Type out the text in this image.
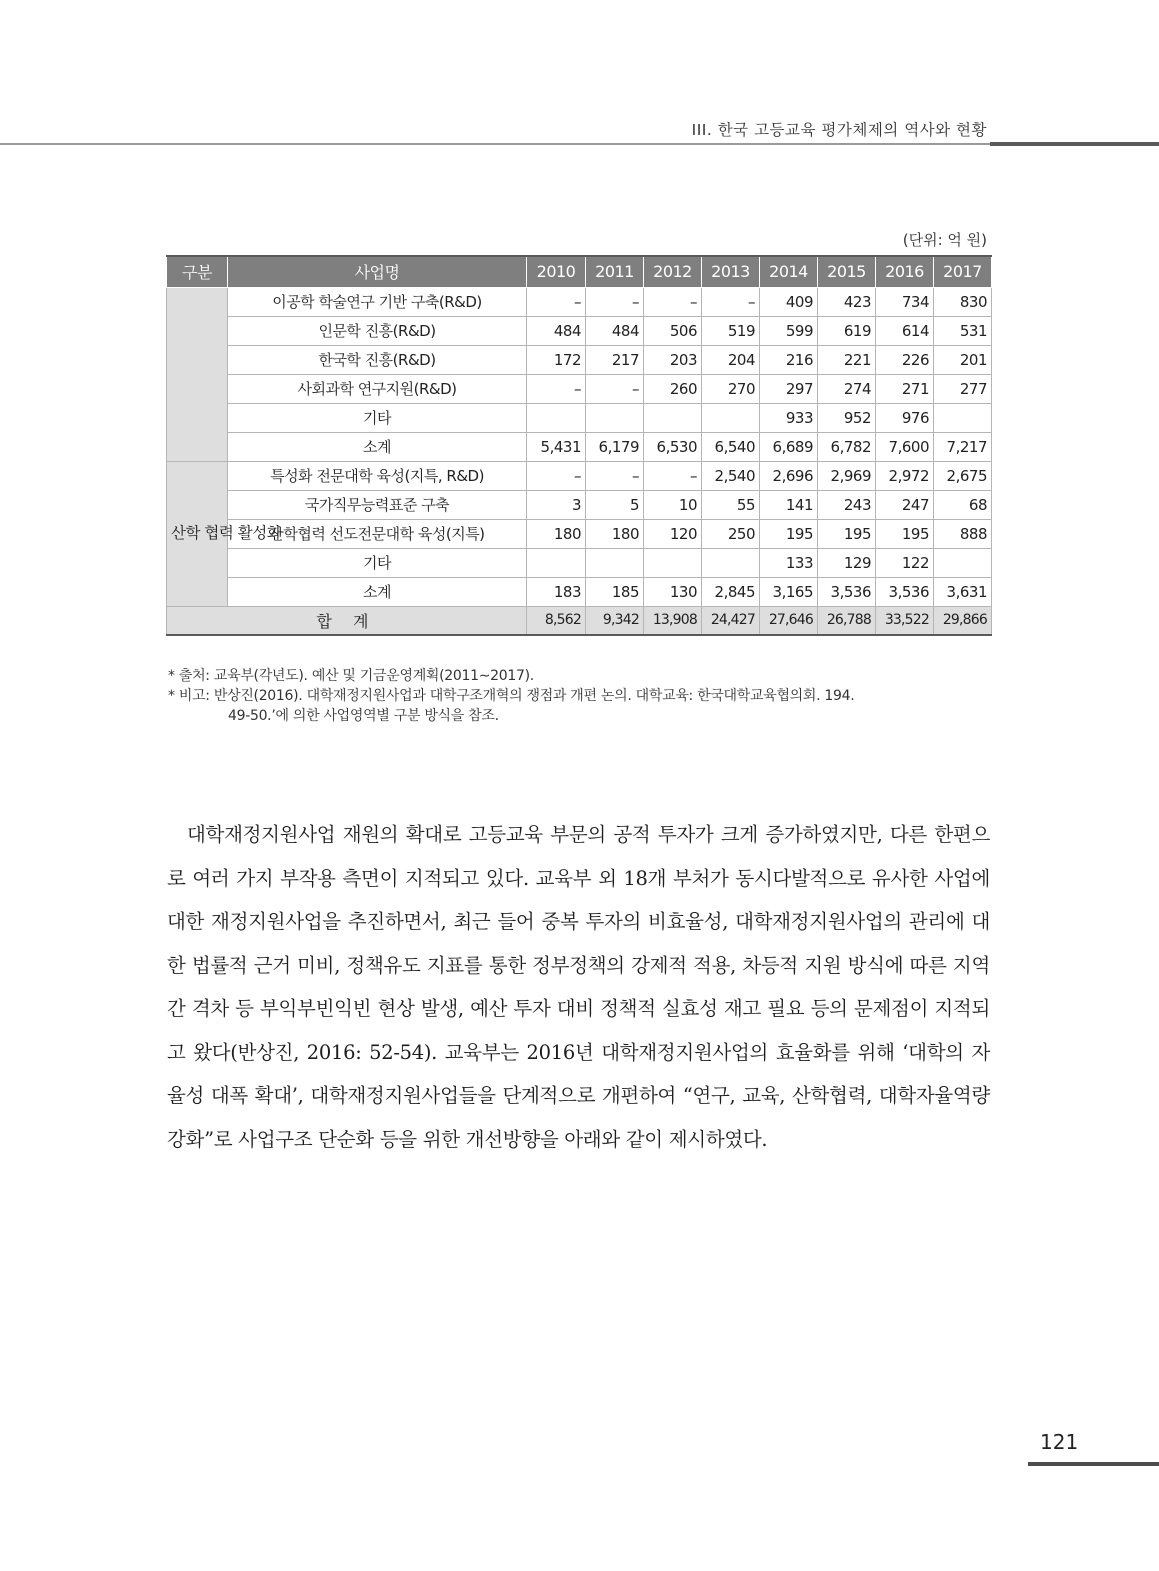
III. 한국 고등교육 평가체제의 역사와 현황
(단위: 억 원)
구분	사업명	2010	2011	2012	2013	2014	2015	2016	2017
	이공학 학술연구 기반 구축(R&D)	–	–	–	–	409	423	734	830
	인문학 진흥(R&D)	484	484	506	519	599	619	614	531
	한국학 진흥(R&D)	172	217	203	204	216	221	226	201
	사회과학 연구지원(R&D)	–	–	260	270	297	274	271	277
	기타					933	952	976	
	소계	5,431	6,179	6,530	6,540	6,689	6,782	7,600	7,217
산학 협력 활성화	특성화 전문대학 육성(지특, R&D)	–	–	–	2,540	2,696	2,969	2,972	2,675
	국가직무능력표준 구축	3	5	10	55	141	243	247	68
	산학협력 선도전문대학 육성(지특)	180	180	120	250	195	195	195	888
	기타					133	129	122	
	소계	183	185	130	2,845	3,165	3,536	3,536	3,631
합 계		8,562	9,342	13,908	24,427	27,646	26,788	33,522	29,866

* 출처: 교육부(각년도). 예산 및 기금운영계획(2011∼2017).

* 비고: 반상진(2016). 대학재정지원사업과 대학구조개혁의 쟁점과 개편 논의. 대학교육: 한국대학교육협의회. 194.

49-50.’에 의한 사업영역별 구분 방식을 참조.

대학재정지원사업 재원의 확대로 고등교육 부문의 공적 투자가 크게 증가하였지만, 다른 한편으로 여러 가지 부작용 측면이 지적되고 있다. 교육부 외 18개 부처가 동시다발적으로 유사한 사업에 대한 재정지원사업을 추진하면서, 최근 들어 중복 투자의 비효율성, 대학재정지원사업의 관리에 대한 법률적 근거 미비, 정책유도 지표를 통한 정부정책의 강제적 적용, 차등적 지원 방식에 따른 지역 간 격차 등 부익부빈익빈 현상 발생, 예산 투자 대비 정책적 실효성 재고 필요 등의 문제점이 지적되고 왔다(반상진, 2016: 52-54). 교육부는 2016년 대학재정지원사업의 효율화를 위해 ‘대학의 자율성 대폭 확대’, 대학재정지원사업들을 단계적으로 개편하여 “연구, 교육, 산학협력, 대학자율역량강화”로 사업구조 단순화 등을 위한 개선방향을 아래와 같이 제시하였다.

121
